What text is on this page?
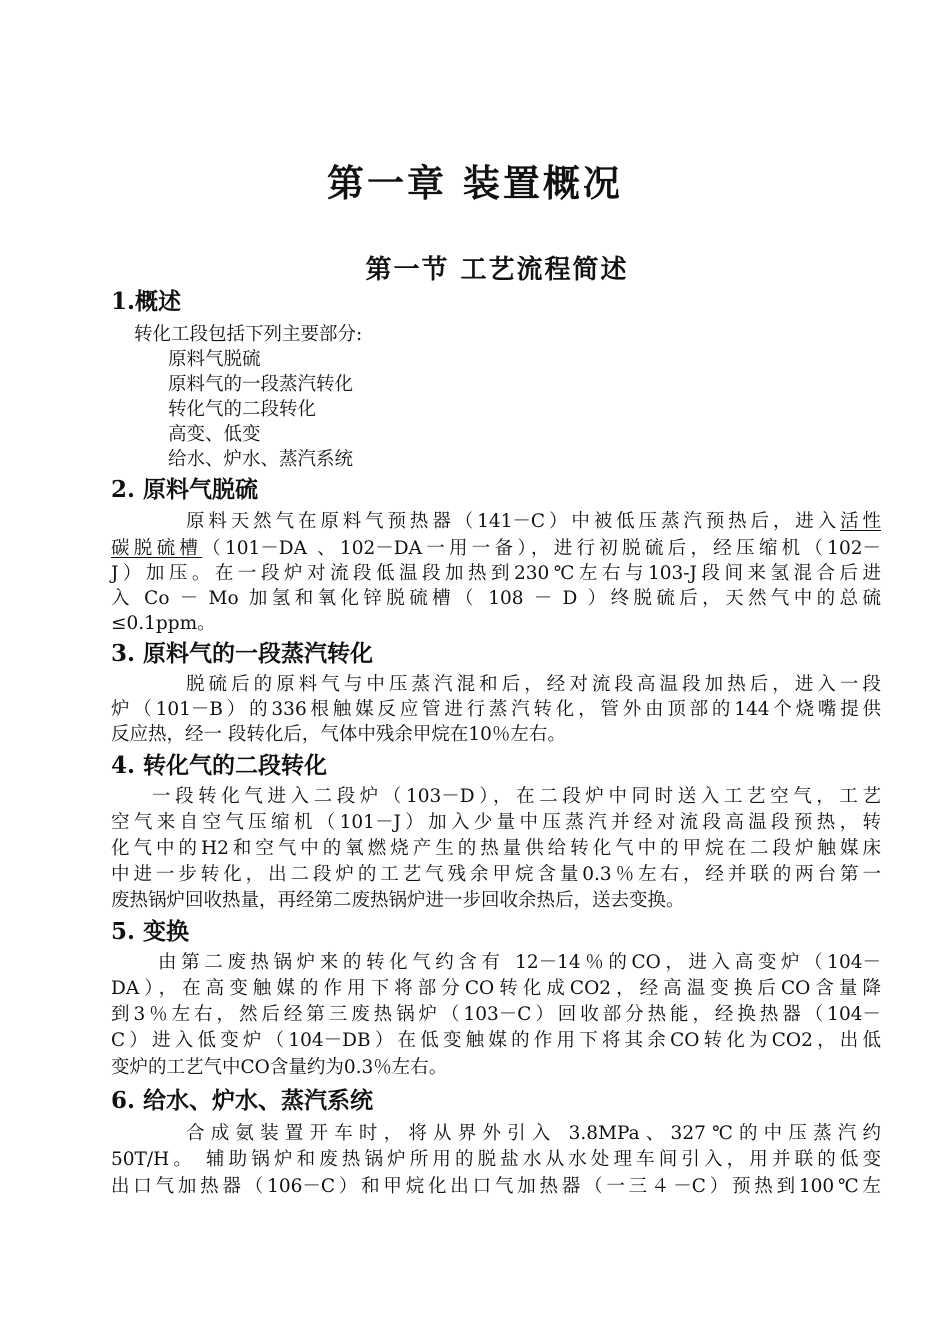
第一章 装置概况
第一节 工艺流程简述
1.概述
转化工段包括下列主要部分:
原料气脱硫
原料气的一段蒸汽转化
转化气的二段转化
高变、低变
给水、炉水、蒸汽系统
2. 原料气脱硫
原料天然气在原料气预热器（141－C）中被低压蒸汽预热后，进入活性
碳脱硫槽（101－DA 、102－DA一用一备），进行初脱硫后，经压缩机（102－
J）加压。在一段炉对流段低温段加热到230℃左右与103-J段间来氢混合后进
入 Co － Mo 加氢和氧化锌脱硫槽（ 108 － D ）终脱硫后，天然气中的总硫
≤0.1ppm。
3. 原料气的一段蒸汽转化
脱硫后的原料气与中压蒸汽混和后，经对流段高温段加热后，进入一段
炉（101－B）的336根触媒反应管进行蒸汽转化，管外由顶部的144个烧嘴提供
反应热，经一 段转化后，气体中残余甲烷在10％左右。
4. 转化气的二段转化
一段转化气进入二段炉（103－D），在二段炉中同时送入工艺空气，工艺
空气来自空气压缩机（101－J）加入少量中压蒸汽并经对流段高温段预热，转
化气中的H2和空气中的氧燃烧产生的热量供给转化气中的甲烷在二段炉触媒床
中进一步转化，出二段炉的工艺气残余甲烷含量0.3％左右，经并联的两台第一
废热锅炉回收热量，再经第二废热锅炉进一步回收余热后，送去变换。
5. 变换
由第二废热锅炉来的转化气约含有 12－14％的CO，进入高变炉（104－
DA），在高变触媒的作用下将部分CO转化成CO2，经高温变换后CO含量降
到3％左右，然后经第三废热锅炉（103－C）回收部分热能，经换热器（104－
C）进入低变炉（104－DB）在低变触媒的作用下将其余CO转化为CO2，出低
变炉的工艺气中CO含量约为0.3％左右。
6. 给水、炉水、蒸汽系统
合成氨装置开车时，将从界外引入 3.8MPa、327℃的中压蒸汽约
50T/H。 辅助锅炉和废热锅炉所用的脱盐水从水处理车间引入，用并联的低变
出口气加热器（106－C）和甲烷化出口气加热器（一三４－C）预热到100℃左
